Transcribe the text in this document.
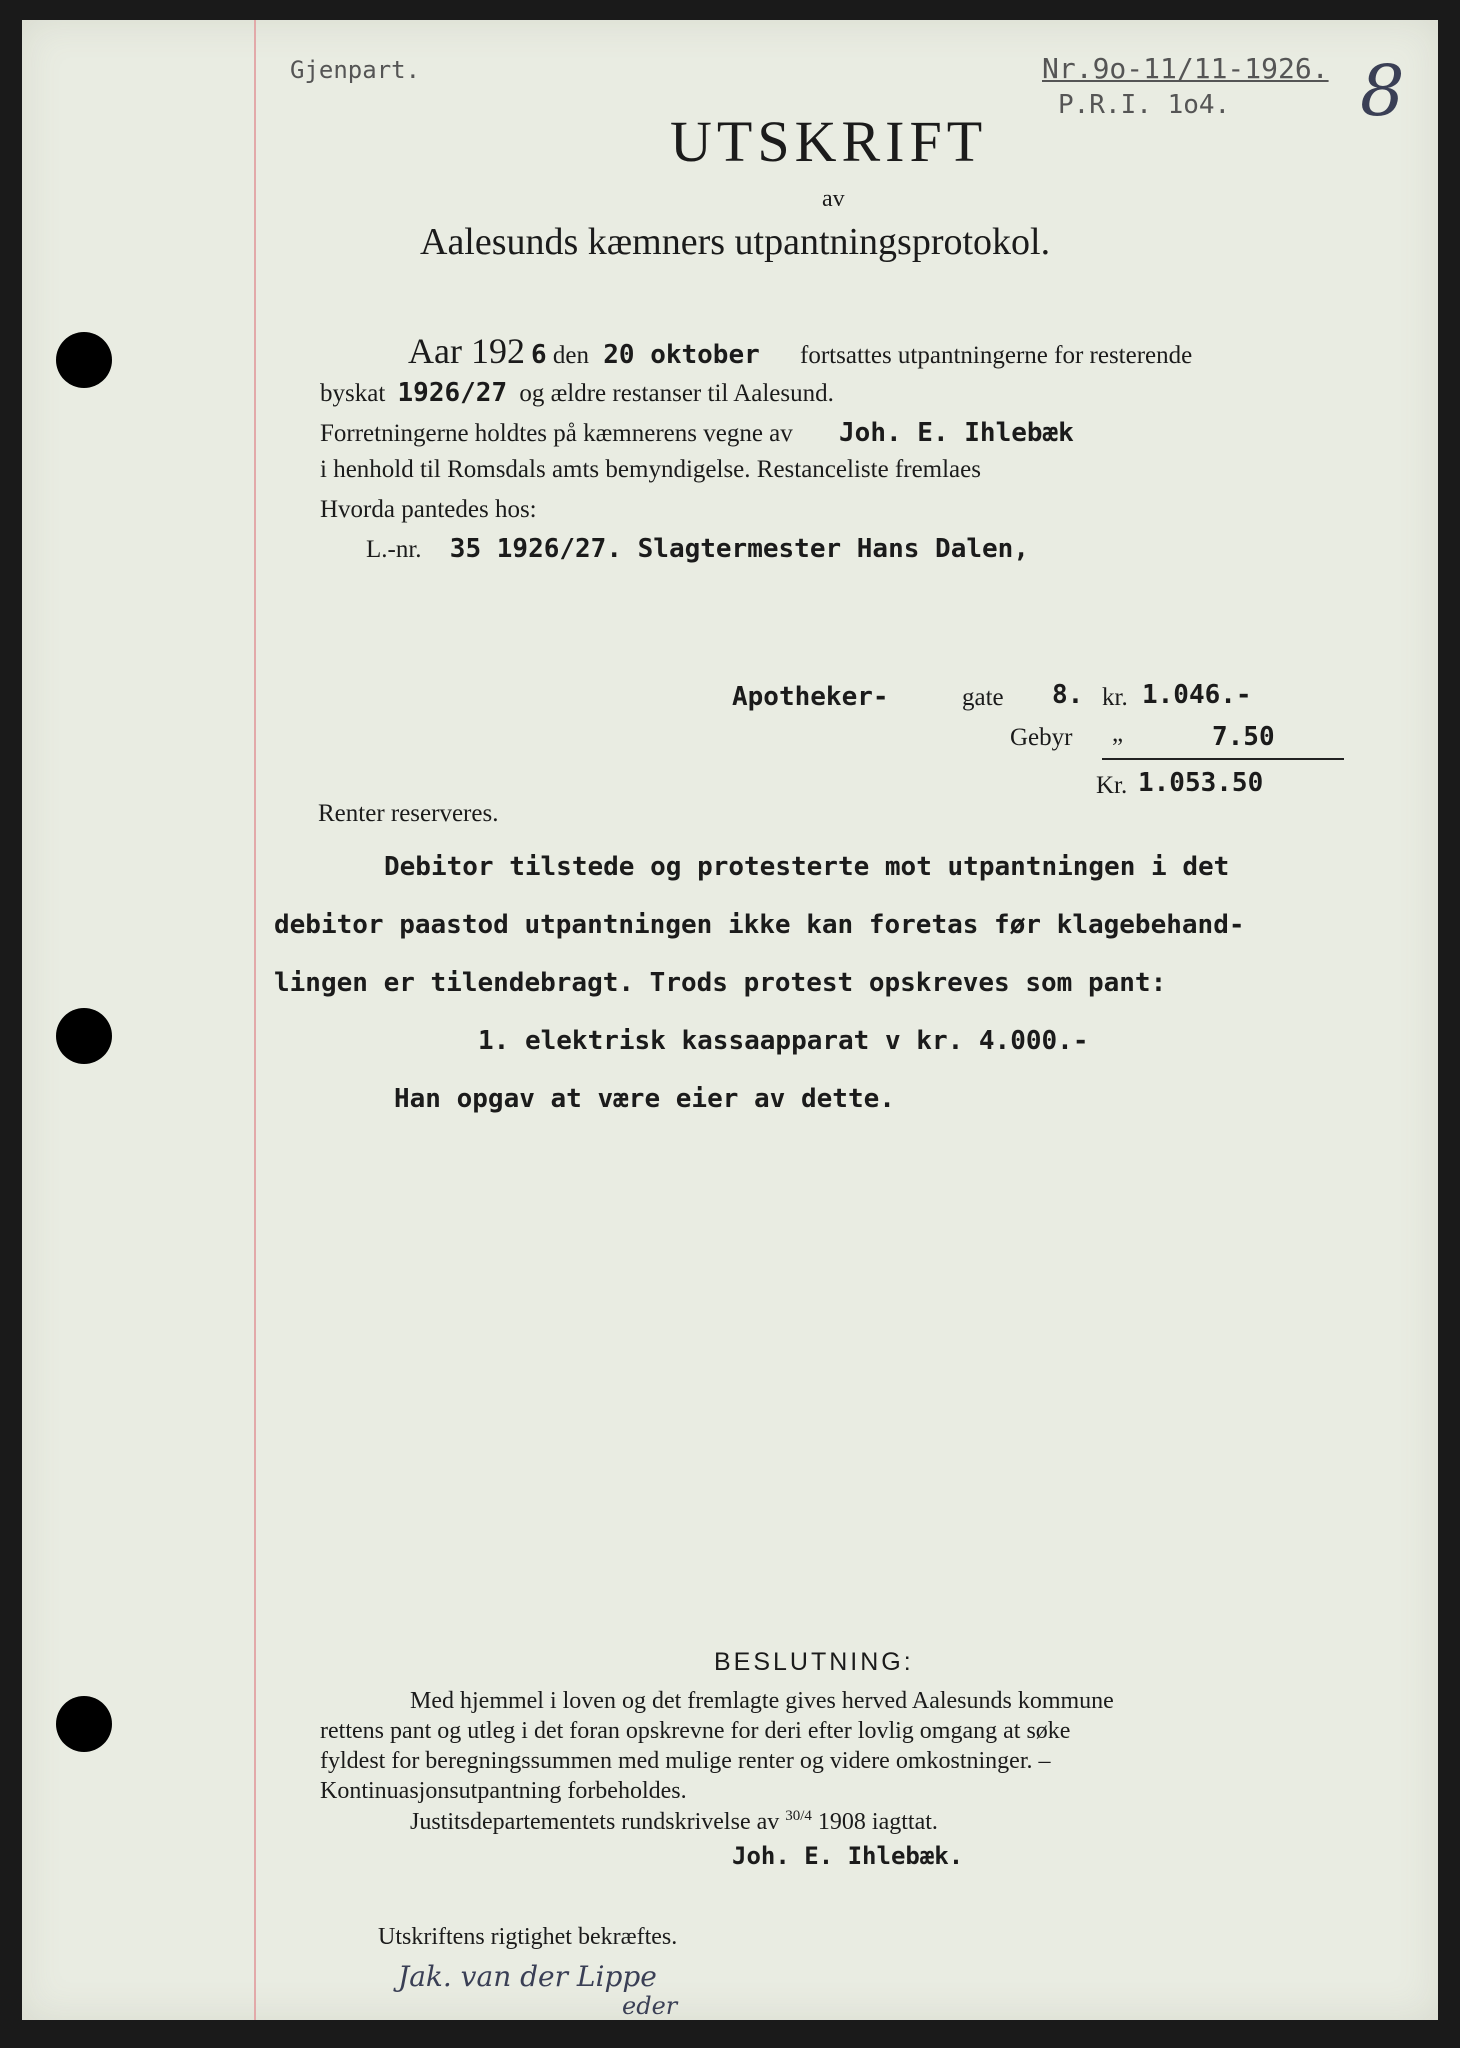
Gjenpart.	Nr.9o-11/11-1926.
P.R.I. 1o4. 8
UTSKRIFT
av
Aalesunds kæmners utpantningsprotokol.
Aar 192 6 den 20 oktober fortsattes utpantningerne for resterende
byskat 1926/27 og ældre restanser til Aalesund.
Forretningerne holdtes på kæmnerens vegne av Joh. E. Ihlebæk
i henhold til Romsdals amts bemyndigelse. Restanceliste fremlaes
Hvorda pantedes hos:
L.-nr. 35 1926/27. Slagtermester Hans Dalen,
Apotheker-	gate 8. kr. 1.046.-
Gebyr „	7.50
Kr. 1.053.50
Renter reserveres.
Debitor tilstede og protesterte mot utpantningen i det
debitor paastod utpantningen ikke kan foretas før klagebehand-
lingen er tilendebragt. Trods protest opskreves som pant:
1. elektrisk kassaapparat v kr. 4.000.-
Han opgav at være eier av dette.
BESLUTNING:
Med hjemmel i loven og det fremlagte gives herved Aalesunds kommune
rettens pant og utleg i det foran opskrevne for deri efter lovlig omgang at søke
fyldest for beregningssummen med mulige renter og videre omkostninger. –
Kontinuasjonsutpantning forbeholdes.
Justitsdepartementets rundskrivelse av $^{30/4}$ 1908 iagttat.
Joh. E. Ihlebæk.
Utskriftens rigtighet bekræftes.
Jak. van der Lippe
eder
